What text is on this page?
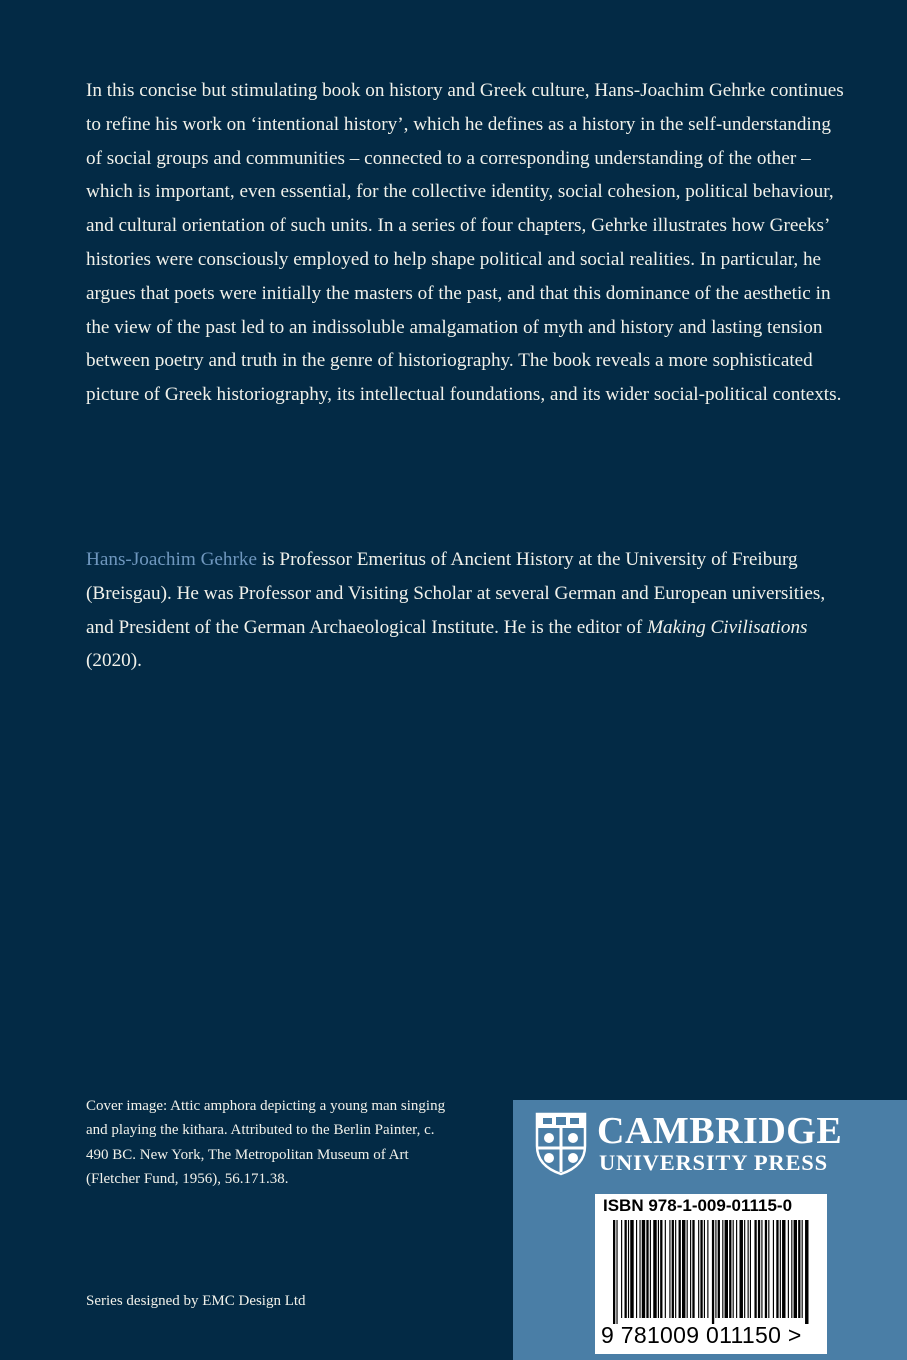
In this concise but stimulating book on history and Greek culture, Hans-Joachim Gehrke continues to refine his work on ‘intentional history’, which he defines as a history in the self-understanding of social groups and communities – connected to a corresponding understanding of the other – which is important, even essential, for the collective identity, social cohesion, political behaviour, and cultural orientation of such units. In a series of four chapters, Gehrke illustrates how Greeks’ histories were consciously employed to help shape political and social realities. In particular, he argues that poets were initially the masters of the past, and that this dominance of the aesthetic in the view of the past led to an indissoluble amalgamation of myth and history and lasting tension between poetry and truth in the genre of historiography. The book reveals a more sophisticated picture of Greek historiography, its intellectual foundations, and its wider social-political contexts.

Hans-Joachim Gehrke is Professor Emeritus of Ancient History at the University of Freiburg (Breisgau). He was Professor and Visiting Scholar at several German and European universities, and President of the German Archaeological Institute. He is the editor of Making Civilisations (2020).

Cover image: Attic amphora depicting a young man singing and playing the kithara. Attributed to the Berlin Painter, c. 490 BC. New York, The Metropolitan Museum of Art (Fletcher Fund, 1956), 56.171.38.

Series designed by EMC Design Ltd

CAMBRIDGE
UNIVERSITY PRESS
ISBN 978-1-009-01115-0
9 781009 011150 >
